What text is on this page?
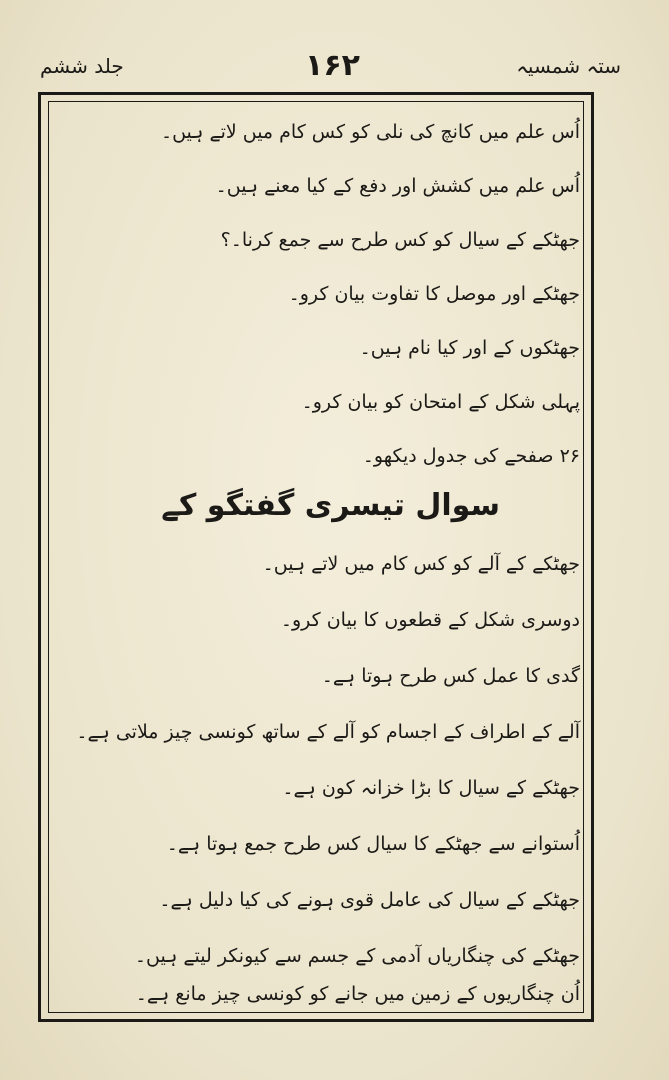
ستہ شمسیہ
۱۶۲
جلد ششم
اُس علم میں کانچ کی نلی کو کس کام میں لاتے ہیں۔
اُس علم میں کشش اور دفع کے کیا معنے ہیں۔
جھٹکے کے سیال کو کس طرح سے جمع کرنا۔؟
جھٹکے اور موصل کا تفاوت بیان کرو۔
جھٹکوں کے اور کیا نام ہیں۔
پہلی شکل کے امتحان کو بیان کرو۔
۲۶ صفحے کی جدول دیکھو۔
سوال تیسری گفتگو کے
جھٹکے کے آلے کو کس کام میں لاتے ہیں۔
دوسری شکل کے قطعوں کا بیان کرو۔
گدی کا عمل کس طرح ہوتا ہے۔
آلے کے اطراف کے اجسام کو آلے کے ساتھ کونسی چیز ملاتی ہے۔
جھٹکے کے سیال کا بڑا خزانہ کون ہے۔
اُستوانے سے جھٹکے کا سیال کس طرح جمع ہوتا ہے۔
جھٹکے کے سیال کی عامل قوی ہونے کی کیا دلیل ہے۔
جھٹکے کی چنگاریاں آدمی کے جسم سے کیونکر لیتے ہیں۔
اُن چنگاریوں کے زمین میں جانے کو کونسی چیز مانع ہے۔
